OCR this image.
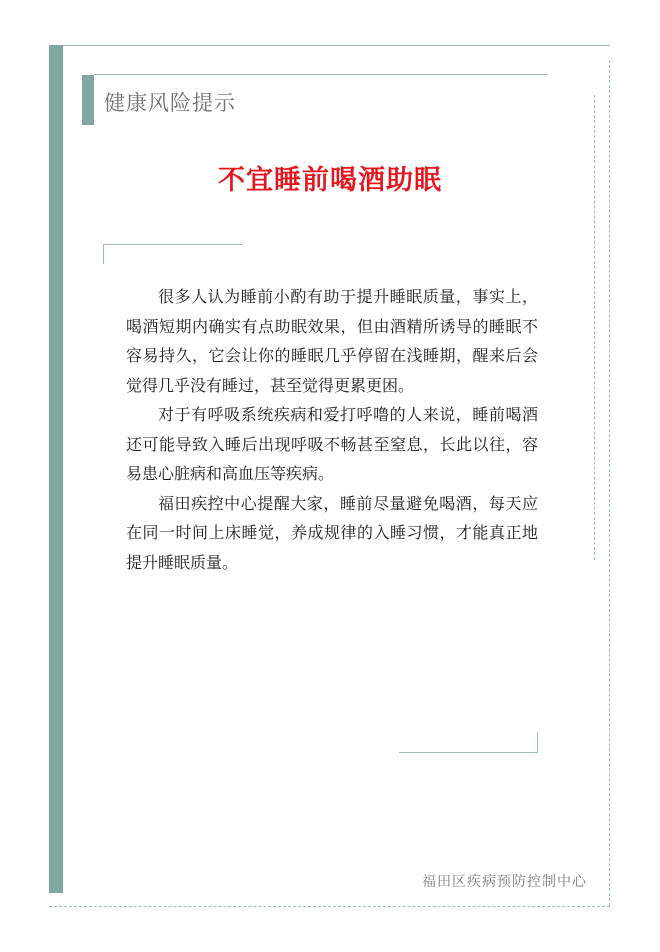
健康风险提示
不宜睡前喝酒助眠

很多人认为睡前小酌有助于提升睡眠质量，事实上，喝酒短期内确实有点助眠效果，但由酒精所诱导的睡眠不容易持久，它会让你的睡眠几乎停留在浅睡期，醒来后会觉得几乎没有睡过，甚至觉得更累更困。

对于有呼吸系统疾病和爱打呼噜的人来说，睡前喝酒还可能导致入睡后出现呼吸不畅甚至窒息，长此以往，容易患心脏病和高血压等疾病。

福田疾控中心提醒大家，睡前尽量避免喝酒，每天应在同一时间上床睡觉，养成规律的入睡习惯，才能真正地提升睡眠质量。

福田区疾病预防控制中心
